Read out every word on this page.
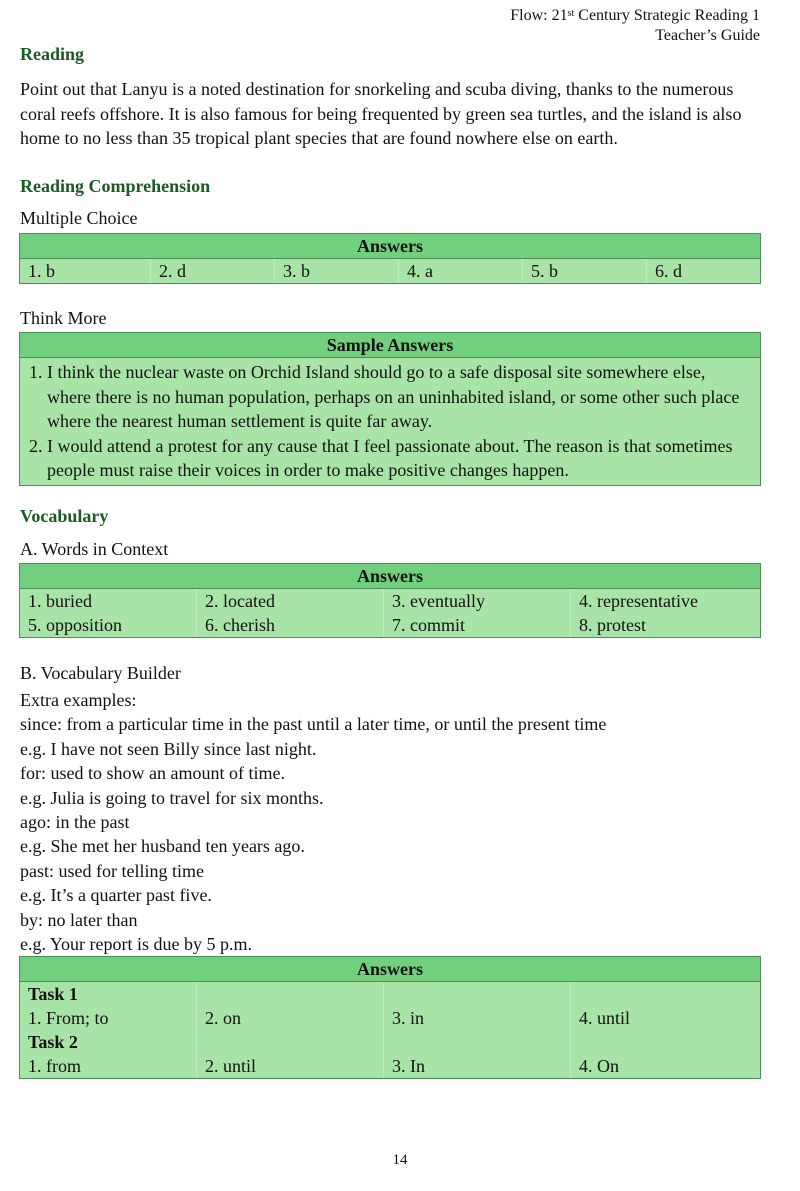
Flow: 21st Century Strategic Reading 1
Teacher’s Guide
Reading
Point out that Lanyu is a noted destination for snorkeling and scuba diving, thanks to the numerous coral reefs offshore. It is also famous for being frequented by green sea turtles, and the island is also home to no less than 35 tropical plant species that are found nowhere else on earth.
Reading Comprehension
Multiple Choice
Answers
1. b	2. d	3. b	4. a	5. b	6. d
Think More
Sample Answers
1. I think the nuclear waste on Orchid Island should go to a safe disposal site somewhere else, where there is no human population, perhaps on an uninhabited island, or some other such place where the nearest human settlement is quite far away.
2. I would attend a protest for any cause that I feel passionate about. The reason is that sometimes people must raise their voices in order to make positive changes happen.
Vocabulary
A. Words in Context
Answers			
1. buried	2. located	3. eventually	4. representative
5. opposition	6. cherish	7. commit	8. protest
B. Vocabulary Builder
Extra examples:
since: from a particular time in the past until a later time, or until the present time
e.g. I have not seen Billy since last night.
for: used to show an amount of time.
e.g. Julia is going to travel for six months.
ago: in the past
e.g. She met her husband ten years ago.
past: used for telling time
e.g. It’s a quarter past five.
by: no later than
e.g. Your report is due by 5 p.m.
Answers			
Task 1			
1. From; to	2. on	3. in	4. until
Task 2			
1. from	2. until	3. In	4. On
14
